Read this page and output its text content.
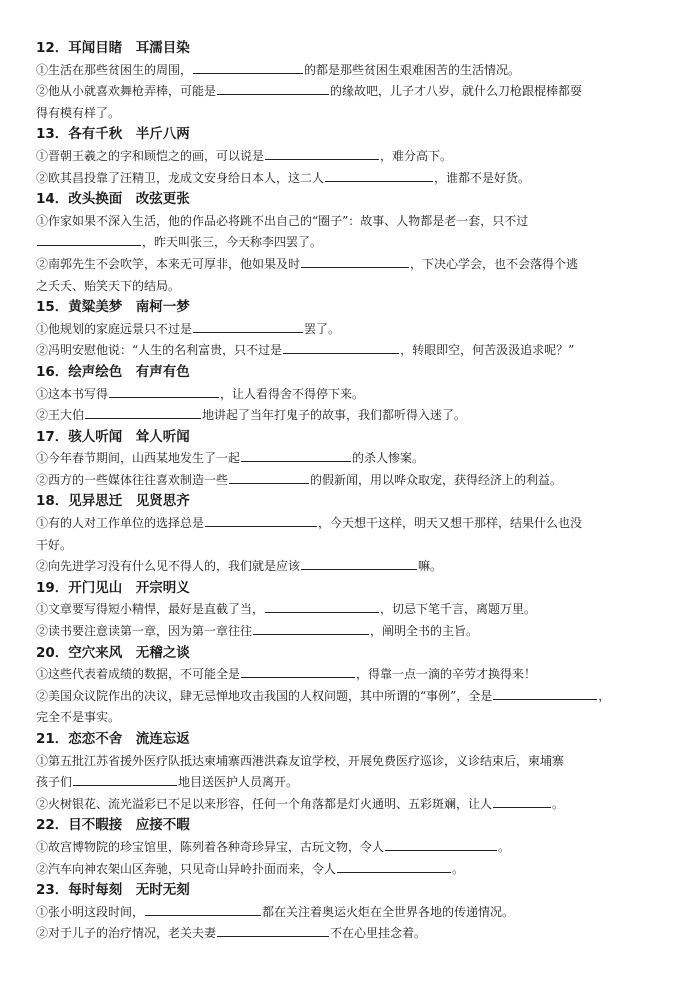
12．耳闻目睹　耳濡目染
①生活在那些贫困生的周围，	的都是那些贫困生艰难困苦的生活情况。
②他从小就喜欢舞枪弄棒，可能是	的缘故吧，儿子才八岁，就什么刀枪跟棍棒都耍
得有模有样了。
13．各有千秋　半斤八两
①晋朝王羲之的字和顾恺之的画，可以说是	，难分高下。
②欧其昌投靠了汪精卫，龙成文安身给日本人，这二人	，谁都不是好货。
14．改头换面　改弦更张
①作家如果不深入生活，他的作品必将跳不出自己的“圈子”：故事、人物都是老一套，只不过
，昨天叫张三，今天称李四罢了。
②南郭先生不会吹竽，本来无可厚非，他如果及时	，下决心学会，也不会落得个逃
之夭夭、贻笑天下的结局。
15．黄粱美梦　南柯一梦
①他规划的家庭远景只不过是	罢了。
②冯明安慰他说：“人生的名利富贵，只不过是	，转眼即空，何苦汲汲追求呢？”
16．绘声绘色　有声有色
①这本书写得	，让人看得舍不得停下来。
②王大伯	地讲起了当年打鬼子的故事，我们都听得入迷了。
17．骇人听闻　耸人听闻
①今年春节期间，山西某地发生了一起	的杀人惨案。
②西方的一些媒体往往喜欢制造一些	的假新闻，用以哗众取宠，获得经济上的利益。
18．见异思迁　见贤思齐
①有的人对工作单位的选择总是	，今天想干这样，明天又想干那样，结果什么也没
干好。
②向先进学习没有什么见不得人的，我们就是应该	嘛。
19．开门见山　开宗明义
①文章要写得短小精悍，最好是直截了当，	，切忌下笔千言，离题万里。
②读书要注意读第一章，因为第一章往往	，阐明全书的主旨。
20．空穴来风　无稽之谈
①这些代表着成绩的数据，不可能全是	，得靠一点一滴的辛劳才换得来！
②美国众议院作出的决议，肆无忌惮地攻击我国的人权问题，其中所谓的“事例”，全是	，
完全不是事实。
21．恋恋不舍　流连忘返
①第五批江苏省援外医疗队抵达柬埔寨西港洪森友谊学校，开展免费医疗巡诊，义诊结束后，柬埔寨
孩子们	地目送医护人员离开。
②火树银花、流光溢彩已不足以来形容，任何一个角落都是灯火通明、五彩斑斓，让人	。
22．目不暇接　应接不暇
①故宫博物院的珍宝馆里，陈列着各种奇珍异宝，古玩文物，令人	。
②汽车向神农架山区奔驰，只见奇山异岭扑面而来，令人	。
23．每时每刻　无时无刻
①张小明这段时间，	都在关注着奥运火炬在全世界各地的传递情况。
②对于儿子的治疗情况，老关夫妻	不在心里挂念着。
